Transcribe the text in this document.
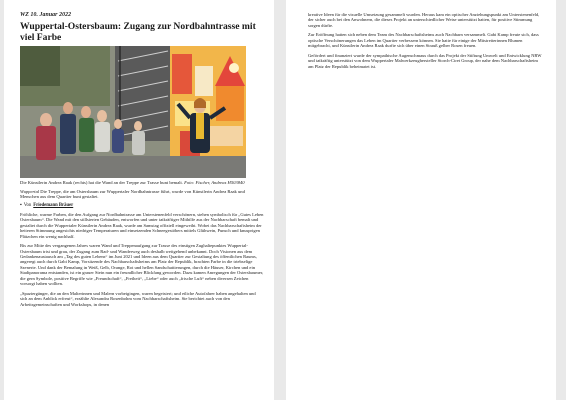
WZ 10. Januar 2022
Wuppertal-Ostersbaum: Zugang zur Nordbahntrasse mit viel Farbe
Die Künstlerin Andrea Raak (rechts) hat die Wand an der Treppe zur Trasse bunt bemalt. Foto: Fischer, Andreas H503840
Wuppertal Die Treppe, die am Ostersbaum zur Wuppertaler Nordbahntrasse führt, wurde von Künstlerin Andrea Raak und Menschen aus dem Quartier bunt gestaltet.
▪ Von Friedemann Bräuer

Fröhliche, warme Farben, die den Aufgang zur Nordbahntrasse am Unterstenenfeld verschönern, stehen symbolisch für „Gutes Leben Ostersbaum“. Die Wand mit den stillsierten Gebäuden, entworfen und unter tatkräftiger Mithilfe aus der Nachbarschaft bemalt und gestaltet durch die Wuppertaler Künstlerin Andrea Raak, wurde am Samstag offiziell eingeweiht. Wobei das Nachbarschaftsheim der heiteren Stimmung angesichts niedriger Temperaturen und einsetzenden Schneegestöbers mittels Glühwein, Punsch und knusprigen Plätzchen ein wenig nachhalf.

Bis zur Mitte des vergangenen Jahres waren Wand und Treppenaufgang zur Trasse des einstigen Zughaltepunktes Wuppertal-Ostersbaum trist und grau, der Zugang zum Rad- und Wanderweg auch deshalb weitgehend unbekannt. Doch Visionen aus dem Gedankenaustausch am „Tag des guten Lebens“ im Juni 2021 und Ideen aus dem Quartier zur Gestaltung des öffentlichen Raums, angeregt auch durch Gabi Kamp, Vorsitzende des Nachbarschaftsheims am Platz der Republik, brachten Farbe in die triebselige Szenerie. Und dank der Bemalung in Weiß, Gelb, Orange, Rot und hellen Sandschattierungen, durch die Häuser, Kirchen und ein Stadtpanorama entstanden, ist ein grauer Stein nun ein freundlicher Blickfang geworden. Dazu kamen Anregungen der Ostersbaumer, die gern Symbole, positive Begriffe wie „Freundschaft“, „Freiheit“, „Liebe“ oder auch „frische Luft“ neben diversen Zeichen vorsorgt haben wollten.

„Spaziergänger, die an den Malterinnen und Malern vorbeigingen, waren begeistert; und etliche Autofahrer haben angehalten und sich an dem Anblick erfreut“, erzählte Alexandra Rosenbohm vom Nachbarschaftsheim. Sie berichtet auch von den Arbeitsgemeinschaften und Workshops, in denen

kreative Ideen für die visuelle Umsetzung gesammelt wurden. Heraus kam ein optischer Anziehungspunkt am Unterstenenfeld, der sicher auch bei den Anwohnern, die dieses Projekt an unterschiedlicher Weise unterstützt hatten, für positive Stimmung sorgen dürfte.

Zur Eröffnung hatten sich neben dem Team des Nachbarschaftsheims auch Nachbarn versammelt. Gabi Kamp freute sich, dass optische Verschönerungen das Leben im Quartier verbessern können. Sie hatte für einige der Mitstreiterinnen Blumen mitgebracht, und Künstlerin Andrea Raak durfte sich über einen Strauß gelber Rosen freuen.

Gefördert und finanziert wurde der sympathische Augenschmaus durch das Projekt der Stiftung Umwelt und Entwicklung NRW und tatkräftig unterstützt von dem Wuppertaler Malwerkzeughersteller Storch-Ciret Group, der nahe dem Nachbarschaftsheim am Platz der Republik beheimatet ist.
